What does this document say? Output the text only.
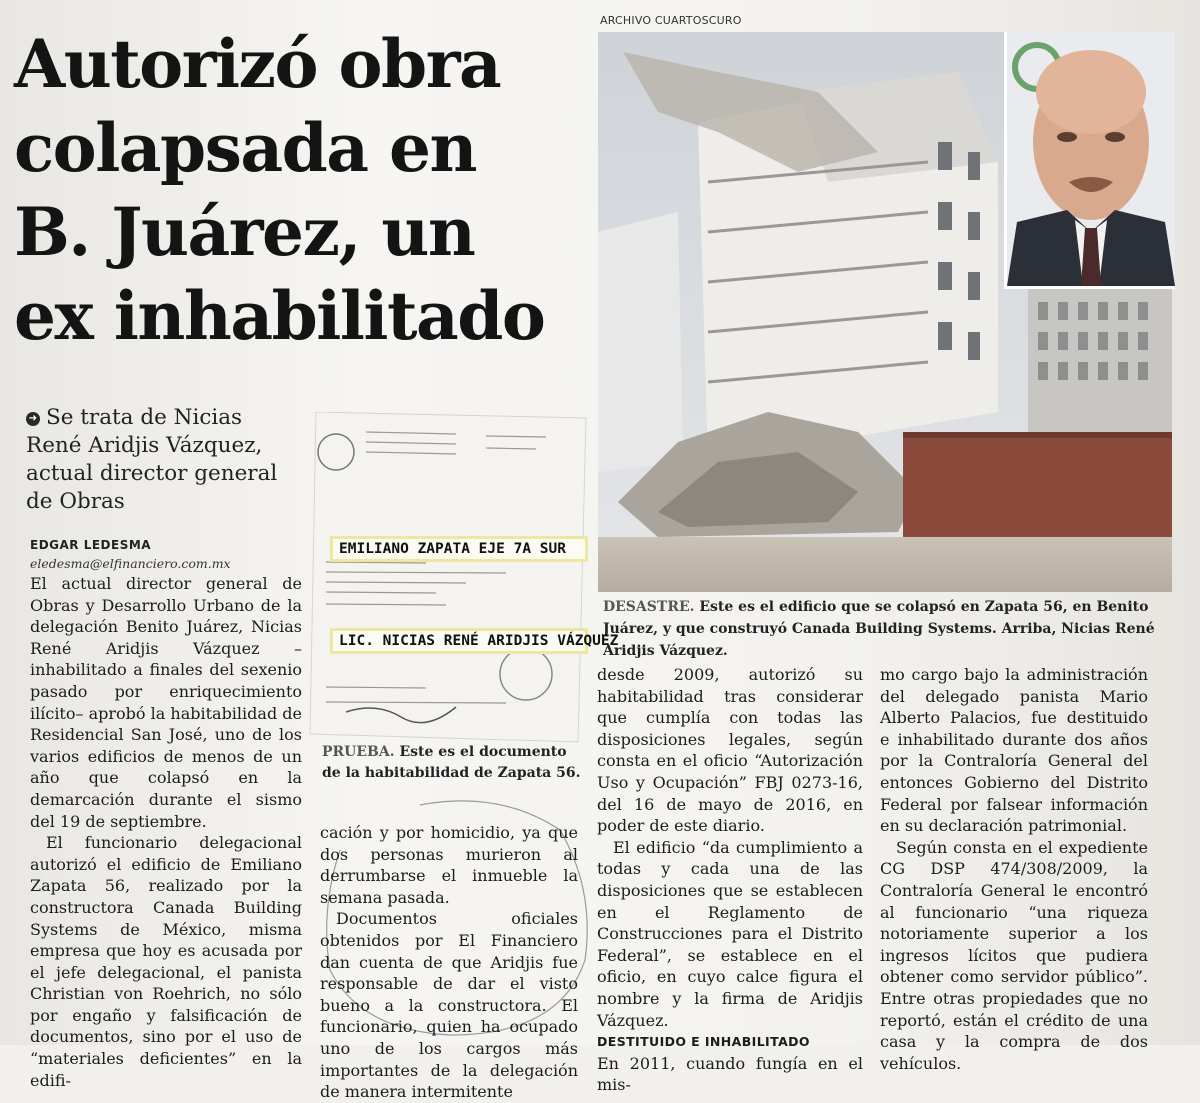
Autorizó obra
colapsada en
B. Juárez, un
ex inhabilitado
ARCHIVO CUARTOSCURO
DESASTRE. Este es el edificio que se colapsó en Zapata 56, en Benito Juárez, y que construyó Canada Building Systems. Arriba, Nicias René Aridjis Vázquez.
➜ Se trata de Nicias René Aridjis Vázquez, actual director general de Obras
EDGAR LEDESMA
eledesma@elfinanciero.com.mx
EMILIANO ZAPATA EJE 7A SUR
LIC. NICIAS RENÉ ARIDJIS VÁZQUEZ
PRUEBA. Este es el documento de la habitabilidad de Zapata 56.

El actual director general de Obras y Desarrollo Urbano de la delegación Benito Juárez, Nicias René Aridjis Vázquez –inhabilitado a finales del sexenio pasado por enriquecimiento ilícito– aprobó la habitabilidad de Residencial San José, uno de los varios edificios de menos de un año que colapsó en la demarcación durante el sismo del 19 de septiembre.

El funcionario delegacional autorizó el edificio de Emiliano Zapata 56, realizado por la constructora Canada Building Systems de México, misma empresa que hoy es acusada por el jefe delegacional, el panista Christian von Roehrich, no sólo por engaño y falsificación de documentos, sino por el uso de “materiales deficientes” en la edifi-

cación y por homicidio, ya que dos personas murieron al derrumbarse el inmueble la semana pasada.

Documentos oficiales obtenidos por El Financiero dan cuenta de que Aridjis fue responsable de dar el visto bueno a la constructora. El funcionario, quien ha ocupado uno de los cargos más importantes de la delegación de manera intermitente

desde 2009, autorizó su habitabilidad tras considerar que cumplía con todas las disposiciones legales, según consta en el oficio “Autorización Uso y Ocupación” FBJ 0273-16, del 16 de mayo de 2016, en poder de este diario.

El edificio “da cumplimiento a todas y cada una de las disposiciones que se establecen en el Reglamento de Construcciones para el Distrito Federal”, se establece en el oficio, en cuyo calce figura el nombre y la firma de Aridjis Vázquez.

DESTITUIDO E INHABILITADO

En 2011, cuando fungía en el mis-

mo cargo bajo la administración del delegado panista Mario Alberto Palacios, fue destituido e inhabilitado durante dos años por la Contraloría General del entonces Gobierno del Distrito Federal por falsear información en su declaración patrimonial.

Según consta en el expediente CG DSP 474/308/2009, la Contraloría General le encontró al funcionario “una riqueza notoriamente superior a los ingresos lícitos que pudiera obtener como servidor público”. Entre otras propiedades que no reportó, están el crédito de una casa y la compra de dos vehículos.
